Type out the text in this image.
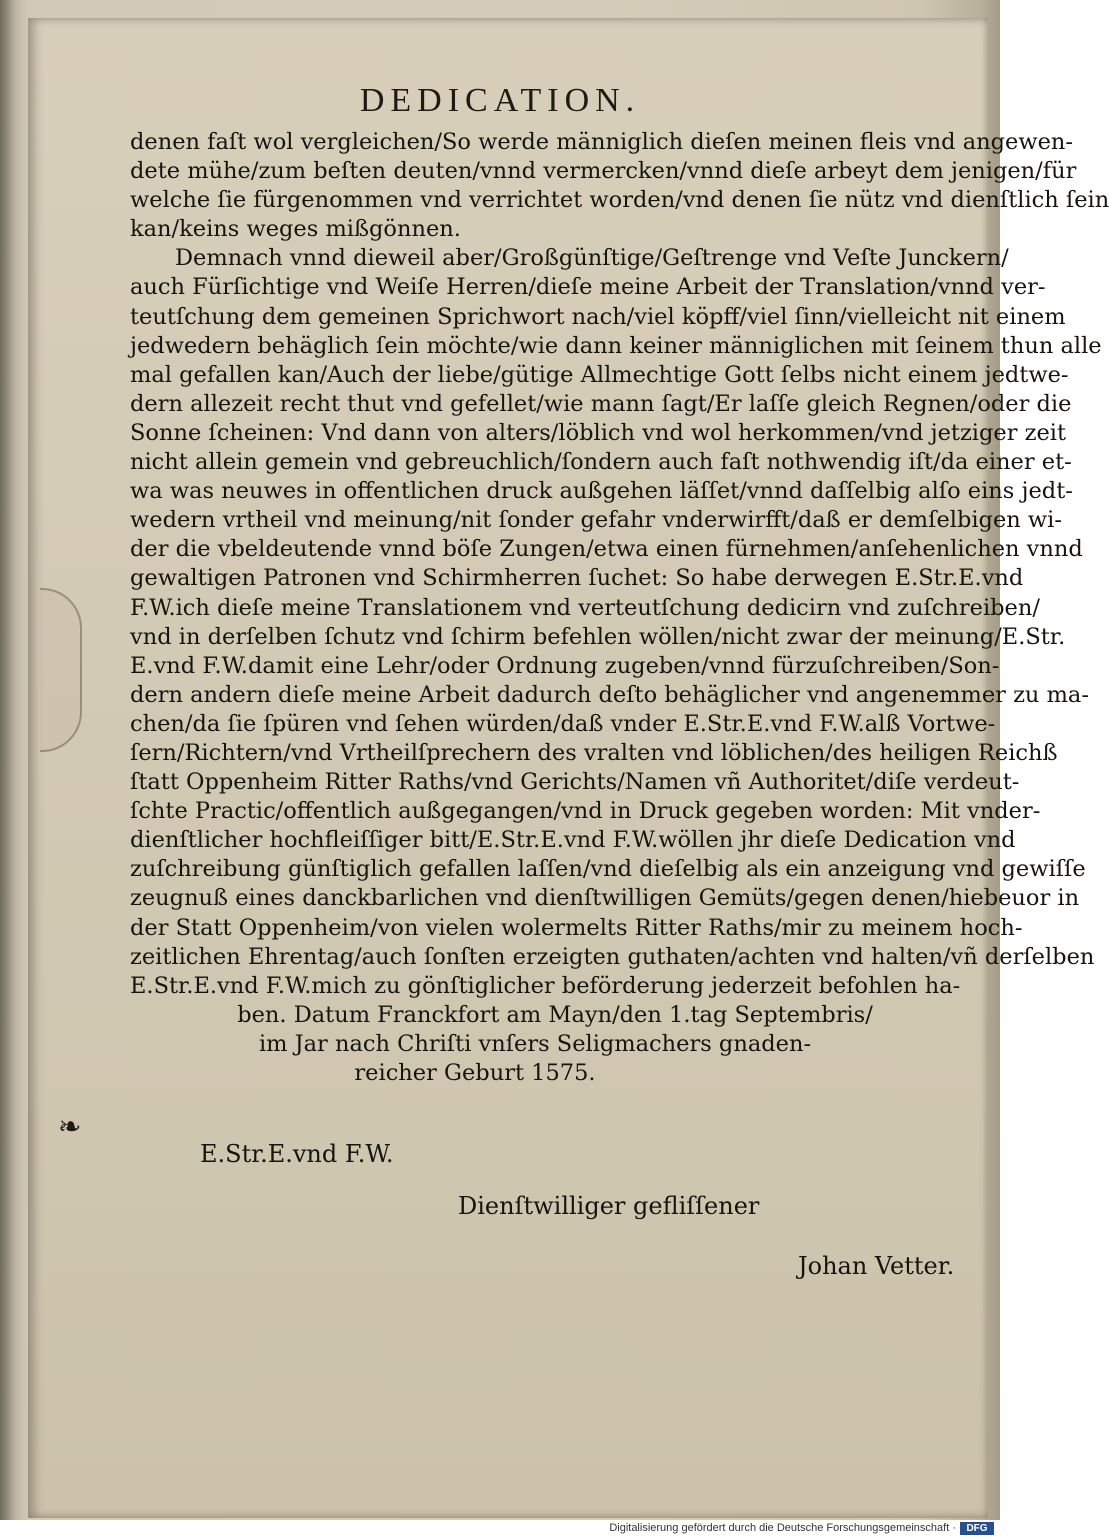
DEDICATION.
denen faſt wol vergleichen/So werde männiglich dieſen meinen fleis vnd angewen-
dete mühe/zum beſten deuten/vnnd vermercken/vnnd dieſe arbeyt dem jenigen/für
welche ſie fürgenommen vnd verrichtet worden/vnd denen ſie nütz vnd dienſtlich ſein
kan/keins weges mißgönnen.
Demnach vnnd dieweil aber/Großgünſtige/Geſtrenge vnd Veſte Junckern/
auch Fürſichtige vnd Weiſe Herren/dieſe meine Arbeit der Translation/vnnd ver-
teutſchung dem gemeinen Sprichwort nach/viel köpff/viel ſinn/vielleicht nit einem
jedwedern behäglich ſein möchte/wie dann keiner männiglichen mit ſeinem thun alle
mal gefallen kan/Auch der liebe/gütige Allmechtige Gott ſelbs nicht einem jedtwe-
dern allezeit recht thut vnd gefellet/wie mann ſagt/Er laſſe gleich Regnen/oder die
Sonne ſcheinen: Vnd dann von alters/löblich vnd wol herkommen/vnd jetziger zeit
nicht allein gemein vnd gebreuchlich/ſondern auch faſt nothwendig iſt/da einer et-
wa was neuwes in offentlichen druck außgehen läſſet/vnnd daſſelbig alſo eins jedt-
wedern vrtheil vnd meinung/nit ſonder gefahr vnderwirfft/daß er demſelbigen wi-
der die vbeldeutende vnnd böſe Zungen/etwa einen fürnehmen/anſehenlichen vnnd
gewaltigen Patronen vnd Schirmherren ſuchet: So habe derwegen E.Str.E.vnd
F.W.ich dieſe meine Translationem vnd verteutſchung dedicirn vnd zuſchreiben/
vnd in derſelben ſchutz vnd ſchirm befehlen wöllen/nicht zwar der meinung/E.Str.
E.vnd F.W.damit eine Lehr/oder Ordnung zugeben/vnnd fürzuſchreiben/Son-
dern andern dieſe meine Arbeit dadurch deſto behäglicher vnd angenemmer zu ma-
chen/da ſie ſpüren vnd ſehen würden/daß vnder E.Str.E.vnd F.W.alß Vortwe-
ſern/Richtern/vnd Vrtheilſprechern des vralten vnd löblichen/des heiligen Reichß
ſtatt Oppenheim Ritter Raths/vnd Gerichts/Namen vñ Authoritet/diſe verdeut-
ſchte Practic/offentlich außgegangen/vnd in Druck gegeben worden: Mit vnder-
dienſtlicher hochfleiſſiger bitt/E.Str.E.vnd F.W.wöllen jhr dieſe Dedication vnd
zuſchreibung günſtiglich gefallen laſſen/vnd dieſelbig als ein anzeigung vnd gewiſſe
zeugnuß eines danckbarlichen vnd dienſtwilligen Gemüts/gegen denen/hiebeuor in
der Statt Oppenheim/von vielen wolermelts Ritter Raths/mir zu meinem hoch-
zeitlichen Ehrentag/auch ſonſten erzeigten guthaten/achten vnd halten/vñ derſelben
E.Str.E.vnd F.W.mich zu gönſtiglicher beförderung jederzeit befohlen ha-
ben. Datum Franckfort am Mayn/den 1.tag Septembris/
im Jar nach Chriſti vnſers Seligmachers gnaden-
reicher Geburt 1575.
❧
E.Str.E.vnd F.W.
Dienſtwilliger gefliſſener
Johan Vetter.
Digitalisierung gefördert durch die Deutsche Forschungsgemeinschaft ·	DFG
